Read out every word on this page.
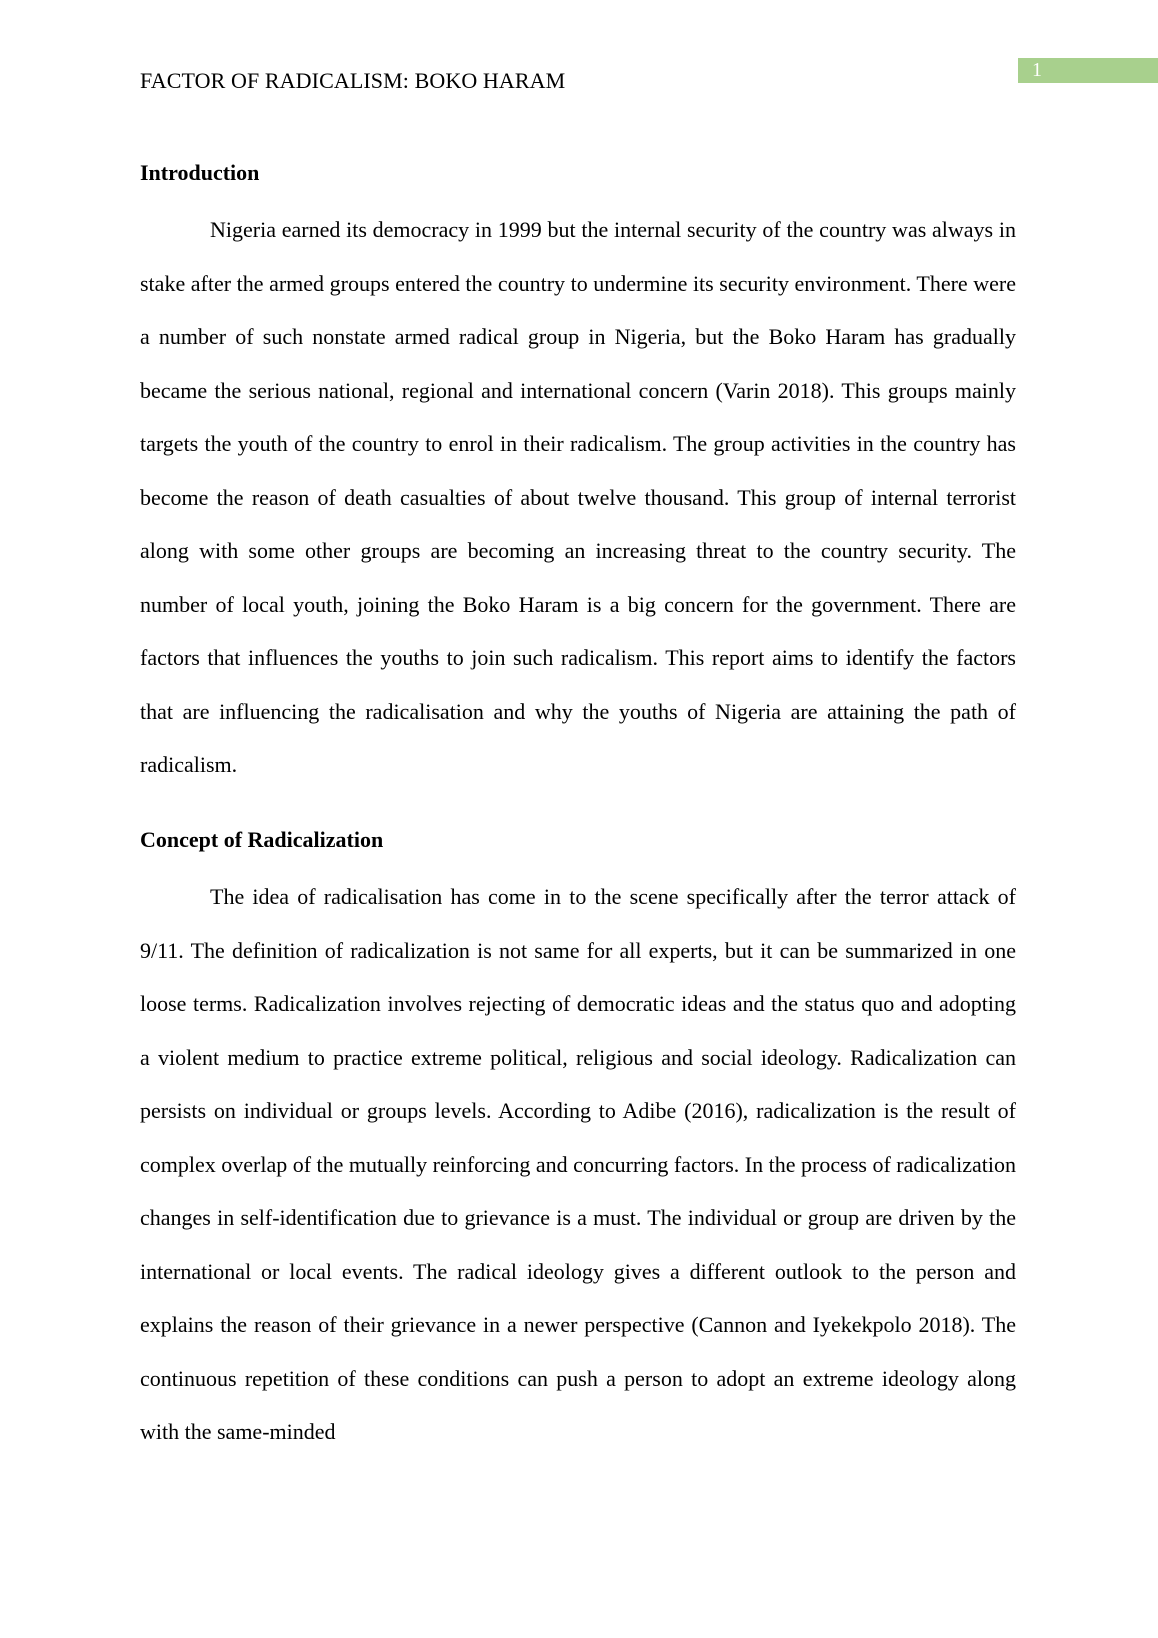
FACTOR OF RADICALISM: BOKO HARAM	1
Introduction

Nigeria earned its democracy in 1999 but the internal security of the country was always in stake after the armed groups entered the country to undermine its security environment. There were a number of such nonstate armed radical group in Nigeria, but the Boko Haram has gradually became the serious national, regional and international concern (Varin 2018). This groups mainly targets the youth of the country to enrol in their radicalism. The group activities in the country has become the reason of death casualties of about twelve thousand. This group of internal terrorist along with some other groups are becoming an increasing threat to the country security. The number of local youth, joining the Boko Haram is a big concern for the government. There are factors that influences the youths to join such radicalism. This report aims to identify the factors that are influencing the radicalisation and why the youths of Nigeria are attaining the path of radicalism.

Concept of Radicalization

The idea of radicalisation has come in to the scene specifically after the terror attack of 9/11. The definition of radicalization is not same for all experts, but it can be summarized in one loose terms. Radicalization involves rejecting of democratic ideas and the status quo and adopting a violent medium to practice extreme political, religious and social ideology. Radicalization can persists on individual or groups levels. According to Adibe (2016), radicalization is the result of complex overlap of the mutually reinforcing and concurring factors. In the process of radicalization changes in self-identification due to grievance is a must. The individual or group are driven by the international or local events. The radical ideology gives a different outlook to the person and explains the reason of their grievance in a newer perspective (Cannon and Iyekekpolo 2018). The continuous repetition of these conditions can push a person to adopt an extreme ideology along with the same-minded
